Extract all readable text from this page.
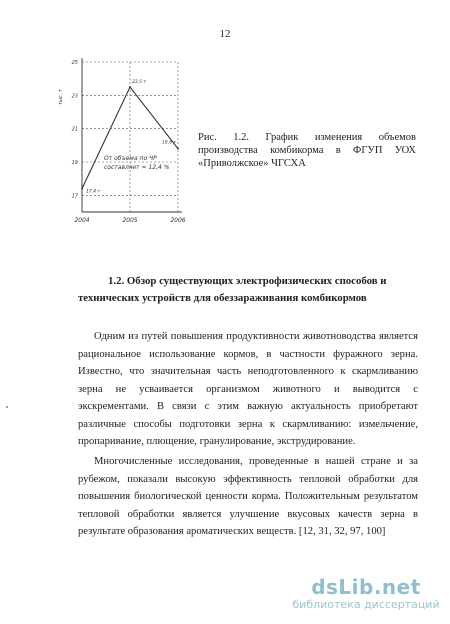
12
25
23
21
19
17
2004	2005	2006
тыс. т
17,4 т
23,5 т
19,8 т
От объема по ЧР
составляет ≈ 12,4 %
Рис. 1.2. График изменения объемов производства комбикорма в ФГУП УОХ «Приволжское» ЧГСХА
1.2. Обзор существующих электрофизических способов и
технических устройств для обеззараживания комбикормов

Одним из путей повышения продуктивности животноводства является рациональное использование кормов, в частности фуражного зерна. Известно, что значительная часть неподготовленного к скармливанию зерна не усваивается организмом животного и выводится с экскрементами. В связи с этим важную актуальность приобретают различные способы подготовки зерна к скармливанию: измельчение, пропаривание, плющение, гранулирование, экструдирование.

Многочисленные исследования, проведенные в нашей стране и за рубежом, показали высокую эффективность тепловой обработки для повышения биологической ценности корма. Положительным результатом тепловой обработки является улучшение вкусовых качеств зерна в результате образования ароматических веществ. [12, 31, 32, 97, 100]

dsLib.net
библиотека диссертаций
